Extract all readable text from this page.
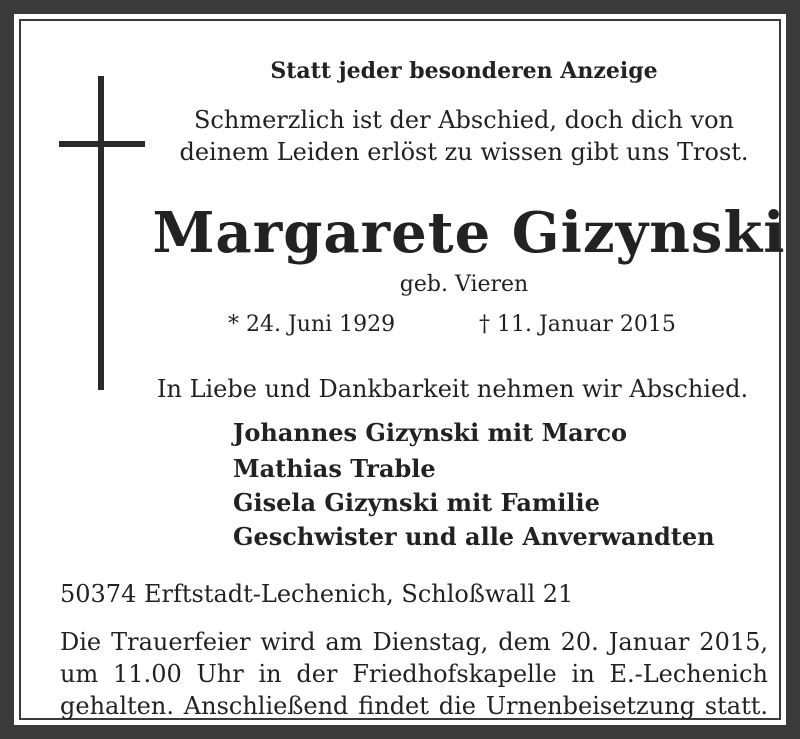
Statt jeder besonderen Anzeige
Schmerzlich ist der Abschied, doch dich von
deinem Leiden erlöst zu wissen gibt uns Trost.
Margarete Gizynski
geb. Vieren
* 24. Juni 1929	† 11. Januar 2015
In Liebe und Dankbarkeit nehmen wir Abschied.
Johannes Gizynski mit Marco
Mathias Trable
Gisela Gizynski mit Familie
Geschwister und alle Anverwandten
50374 Erftstadt-Lechenich, Schloßwall 21
Die Trauerfeier wird am Dienstag, dem 20. Januar 2015,
um 11.00 Uhr in der Friedhofskapelle in E.-Lechenich
gehalten. Anschließend findet die Urnenbeisetzung statt.
